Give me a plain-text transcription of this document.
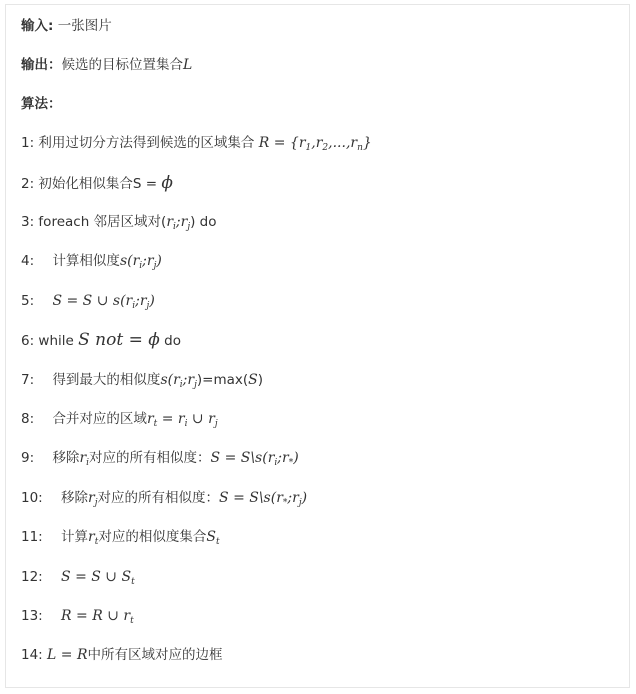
输入: 一张图片
输出：候选的目标位置集合L
算法：
1: 利用过切分方法得到候选的区域集合 $R = \{r_1,r_2,...,r_n\}$
2: 初始化相似集合S = ϕ
3: foreach 邻居区域对$(r_i;r_j)$ do
4: 计算相似度$s(r_i;r_j)$
5: S = S ∪ $s(r_i;r_j)$
6: while S not = ϕ do
7: 得到最大的相似度$s(r_i;r_j)=\max(S)$
8: 合并对应的区域$r_t = r_i$ ∪ $r_j$
9: 移除$r_i$对应的所有相似度：$S = S\backslash s(r_i;r_*)$
10: 移除$r_j$对应的所有相似度：$S = S\backslash s(r_*;r_j)$
11: 计算$r_t$对应的相似度集合$S_t$
12: S = S ∪ $S_t$
13: R = R ∪ $r_t$
14: L = R中所有区域对应的边框
